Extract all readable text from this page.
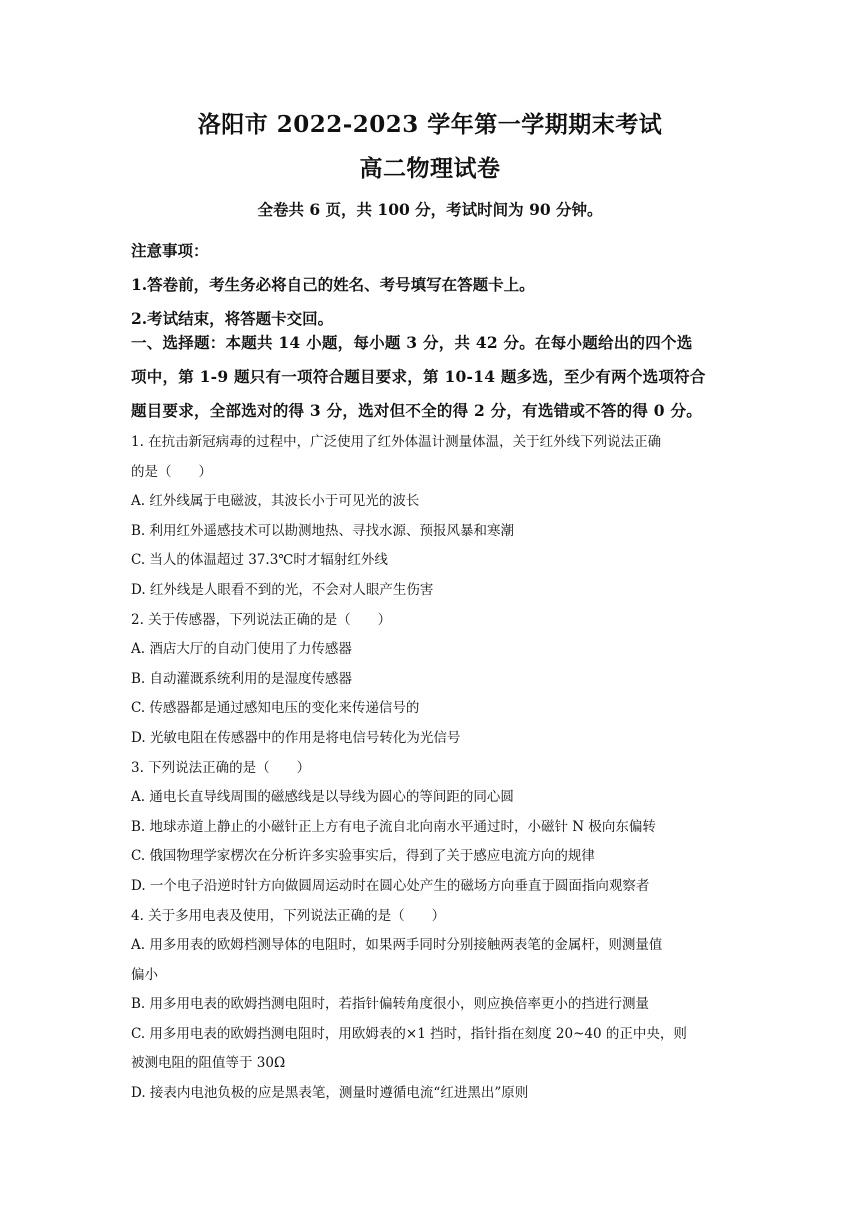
洛阳市 2022-2023 学年第一学期期末考试
高二物理试卷
全卷共 6 页，共 100 分，考试时间为 90 分钟。
注意事项：
1.答卷前，考生务必将自己的姓名、考号填写在答题卡上。
2.考试结束，将答题卡交回。
一、选择题：本题共 14 小题，每小题 3 分，共 42 分。在每小题给出的四个选
项中，第 1-9 题只有一项符合题目要求，第 10-14 题多选，至少有两个选项符合
题目要求，全部选对的得 3 分，选对但不全的得 2 分，有选错或不答的得 0 分。
1. 在抗击新冠病毒的过程中，广泛使用了红外体温计测量体温，关于红外线下列说法正确
的是（　　）
A. 红外线属于电磁波，其波长小于可见光的波长
B. 利用红外遥感技术可以勘测地热、寻找水源、预报风暴和寒潮
C. 当人的体温超过 37.3℃时才辐射红外线
D. 红外线是人眼看不到的光，不会对人眼产生伤害
2. 关于传感器，下列说法正确的是（　　）
A. 酒店大厅的自动门使用了力传感器
B. 自动灌溉系统利用的是湿度传感器
C. 传感器都是通过感知电压的变化来传递信号的
D. 光敏电阻在传感器中的作用是将电信号转化为光信号
3. 下列说法正确的是（　　）
A. 通电长直导线周围的磁感线是以导线为圆心的等间距的同心圆
B. 地球赤道上静止的小磁针正上方有电子流自北向南水平通过时，小磁针 N 极向东偏转
C. 俄国物理学家楞次在分析许多实验事实后，得到了关于感应电流方向的规律
D. 一个电子沿逆时针方向做圆周运动时在圆心处产生的磁场方向垂直于圆面指向观察者
4. 关于多用电表及使用，下列说法正确的是（　　）
A. 用多用表的欧姆档测导体的电阻时，如果两手同时分别接触两表笔的金属杆，则测量值
偏小
B. 用多用电表的欧姆挡测电阻时，若指针偏转角度很小，则应换倍率更小的挡进行测量
C. 用多用电表的欧姆挡测电阻时，用欧姆表的×1 挡时，指针指在刻度 20~40 的正中央，则
被测电阻的阻值等于 30Ω
D. 接表内电池负极的应是黑表笔，测量时遵循电流“红进黑出”原则
